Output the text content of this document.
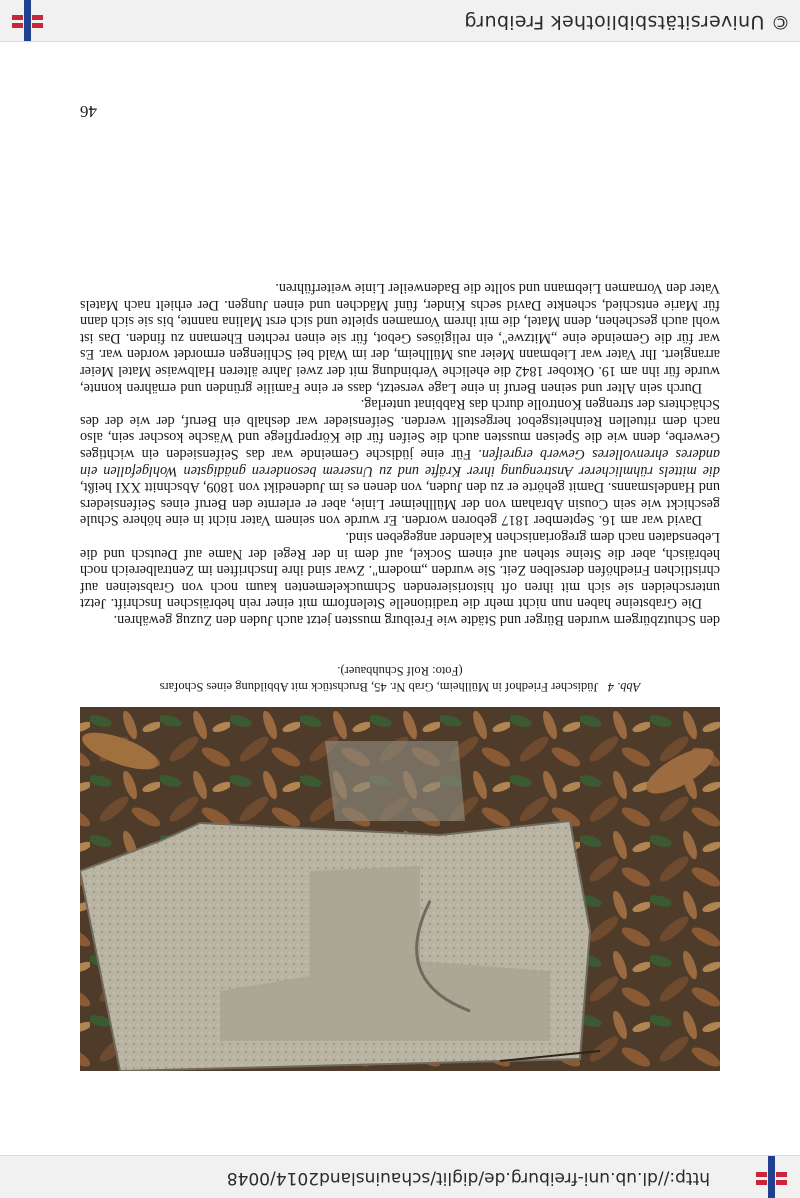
http://dl.ub.uni-freiburg.de/diglit/schauinsland2014/0048
Abb. 4   Jüdischer Friedhof in Müllheim, Grab Nr. 45, Bruchstück mit Abbildung eines Schofars
(Foto: Rolf Schuhbauer).

den Schutzbürgern wurden Bürger und Städte wie Freiburg mussten jetzt auch Juden den Zuzug gewähren.

Die Grabsteine haben nun nicht mehr die traditionelle Stelenform mit einer rein hebräischen Inschrift. Jetzt unterscheiden sie sich mit ihren oft historisierenden Schmuckelementen kaum noch von Grabsteinen auf christlichen Friedhöfen derselben Zeit. Sie wurden „modern". Zwar sind ihre Inschriften im Zentralbereich noch hebräisch, aber die Steine stehen auf einem Sockel, auf dem in der Regel der Name auf Deutsch und die Lebensdaten nach dem gregorianischen Kalender angegeben sind.

David war am 16. September 1817 geboren worden. Er wurde von seinem Vater nicht in eine höhere Schule geschickt wie sein Cousin Abraham von der Müllheimer Linie, aber er erlernte den Beruf eines Seifensieders und Handelsmanns. Damit gehörte er zu den Juden, von denen es im Judenedikt von 1809, Abschnitt XXI heißt, die mittels rühmlicherer Anstrengung ihrer Kräfte und zu Unserem besonderen gnädigsten Wohlgefallen ein anderes ehrenvolleres Gewerb ergreifen. Für eine jüdische Gemeinde war das Seifensieden ein wichtiges Gewerbe, denn wie die Speisen mussten auch die Seifen für die Körperpflege und Wäsche koscher sein, also nach dem rituellen Reinheitsgebot hergestellt werden. Seifensieder war deshalb ein Beruf, der wie der des Schächters der strengen Kontrolle durch das Rabbinat unterlag.

Durch sein Alter und seinen Beruf in eine Lage versetzt, dass er eine Familie gründen und ernähren konnte, wurde für ihn am 19. Oktober 1842 die eheliche Verbindung mit der zwei Jahre älteren Halbwaise Matel Meier arrangiert. Ihr Vater war Liebmann Meier aus Müllheim, der im Wald bei Schliengen ermordet worden war. Es war für die Gemeinde eine „Mitzwe", ein religiöses Gebot, für sie einen rechten Ehemann zu finden. Das ist wohl auch geschehen, denn Matel, die mit ihrem Vornamen spielte und sich erst Malina nannte, bis sie sich dann für Marie entschied, schenkte David sechs Kinder, fünf Mädchen und einen Jungen. Der erhielt nach Matels Vater den Vornamen Liebmann und sollte die Badenweiler Linie weiterführen.

46
© Universitätsbibliothek Freiburg
